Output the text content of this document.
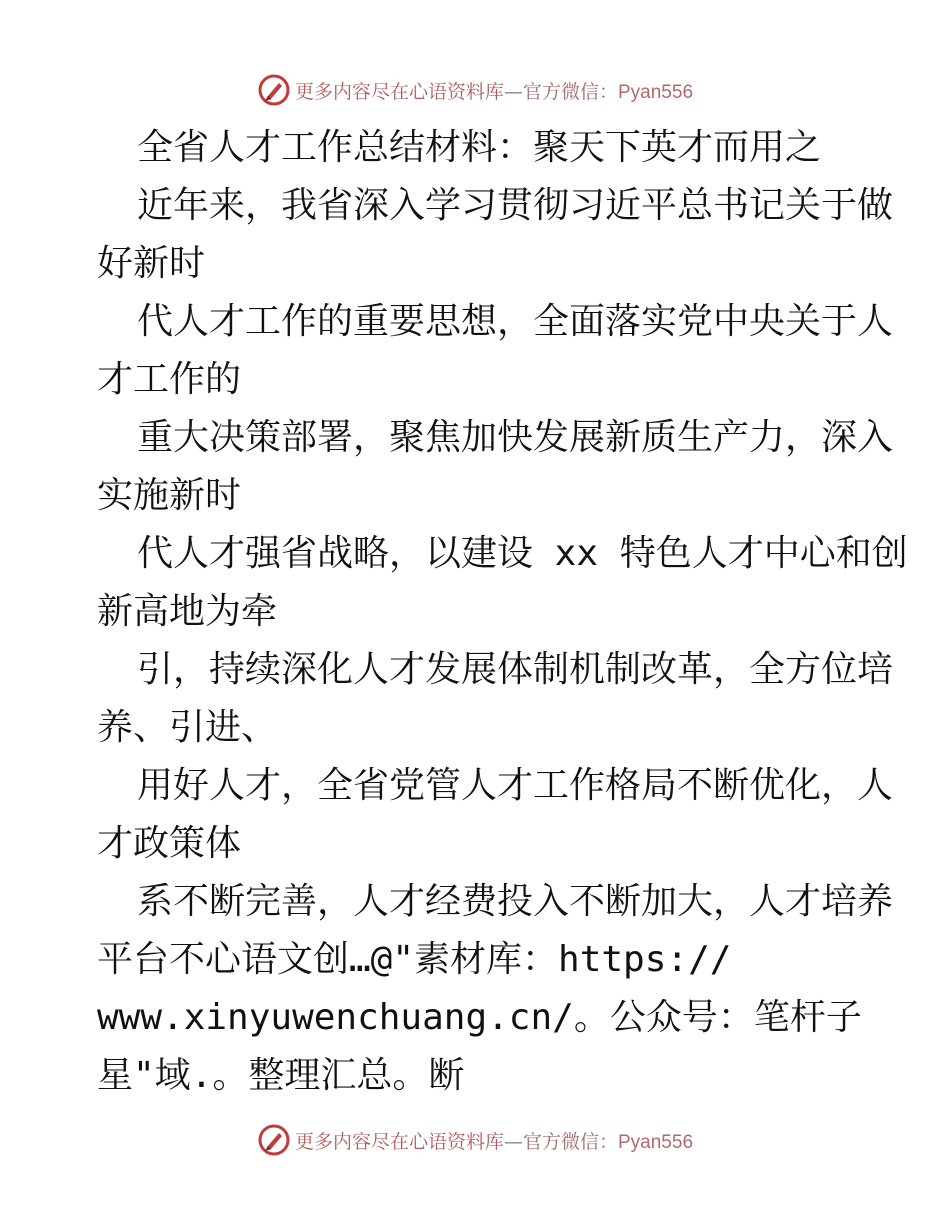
更多内容尽在心语资料库—官方微信：Pyan556
全省人才工作总结材料：聚天下英才而用之
近年来，我省深入学习贯彻习近平总书记关于做
好新时
代人才工作的重要思想，全面落实党中央关于人
才工作的
重大决策部署，聚焦加快发展新质生产力，深入
实施新时
代人才强省战略，以建设 xx 特色人才中心和创
新高地为牵
引，持续深化人才发展体制机制改革，全方位培
养、引进、
用好人才，全省党管人才工作格局不断优化，人
才政策体
系不断完善，人才经费投入不断加大，人才培养
平台不心语文创…@"素材库：https://
www.xinyuwenchuang.cn/。公众号：笔杆子
星"域.。整理汇总。断
更多内容尽在心语资料库—官方微信：Pyan556
